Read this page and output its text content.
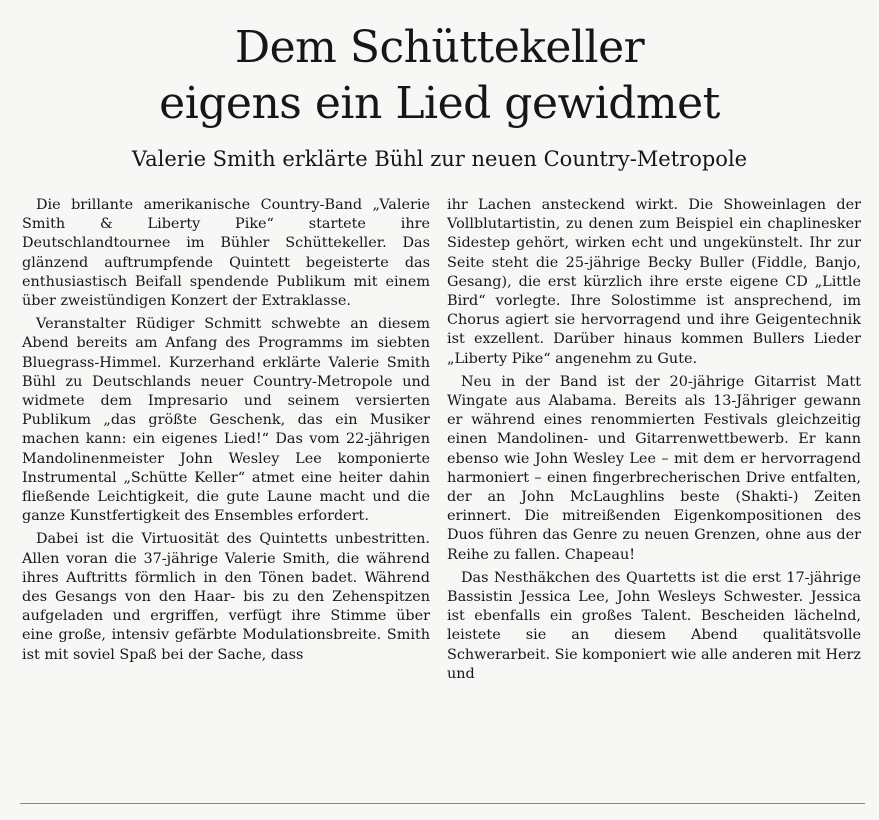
Dem Schüttekeller
eigens ein Lied gewidmet
Valerie Smith erklärte Bühl zur neuen Country-Metropole

Die brillante amerikanische Country-Band „Valerie Smith & Liberty Pike“ startete ihre Deutschlandtournee im Bühler Schüttekeller. Das glänzend auftrumpfende Quintett begeisterte das enthusiastisch Beifall spendende Publikum mit einem über zweistündigen Konzert der Extraklasse.

Veranstalter Rüdiger Schmitt schwebte an diesem Abend bereits am Anfang des Programms im siebten Bluegrass-Himmel. Kurzerhand erklärte Valerie Smith Bühl zu Deutschlands neuer Country-Metropole und widmete dem Impresario und seinem versierten Publikum „das größte Geschenk, das ein Musiker machen kann: ein eigenes Lied!“ Das vom 22-jährigen Mandolinenmeister John Wesley Lee komponierte Instrumental „Schütte Keller“ atmet eine heiter dahin fließende Leichtigkeit, die gute Laune macht und die ganze Kunstfertigkeit des Ensembles erfordert.

Dabei ist die Virtuosität des Quintetts unbestritten. Allen voran die 37-jährige Valerie Smith, die während ihres Auftritts förmlich in den Tönen badet. Während des Gesangs von den Haar- bis zu den Zehenspitzen aufgeladen und ergriffen, verfügt ihre Stimme über eine große, intensiv gefärbte Modulationsbreite. Smith ist mit soviel Spaß bei der Sache, dass

ihr Lachen ansteckend wirkt. Die Showeinlagen der Vollblutartistin, zu denen zum Beispiel ein chaplinesker Sidestep gehört, wirken echt und ungekünstelt. Ihr zur Seite steht die 25-jährige Becky Buller (Fiddle, Banjo, Gesang), die erst kürzlich ihre erste eigene CD „Little Bird“ vorlegte. Ihre Solostimme ist ansprechend, im Chorus agiert sie hervorragend und ihre Geigentechnik ist exzellent. Darüber hinaus kommen Bullers Lieder „Liberty Pike“ angenehm zu Gute.

Neu in der Band ist der 20-jährige Gitarrist Matt Wingate aus Alabama. Bereits als 13-Jähriger gewann er während eines renommierten Festivals gleichzeitig einen Mandolinen- und Gitarrenwettbewerb. Er kann ebenso wie John Wesley Lee – mit dem er hervorragend harmoniert – einen fingerbrecherischen Drive entfalten, der an John McLaughlins beste (Shakti-) Zeiten erinnert. Die mitreißenden Eigenkompositionen des Duos führen das Genre zu neuen Grenzen, ohne aus der Reihe zu fallen. Chapeau!

Das Nesthäkchen des Quartetts ist die erst 17-jährige Bassistin Jessica Lee, John Wesleys Schwester. Jessica ist ebenfalls ein großes Talent. Bescheiden lächelnd, leistete sie an diesem Abend qualitätsvolle Schwerarbeit. Sie komponiert wie alle anderen mit Herz und
